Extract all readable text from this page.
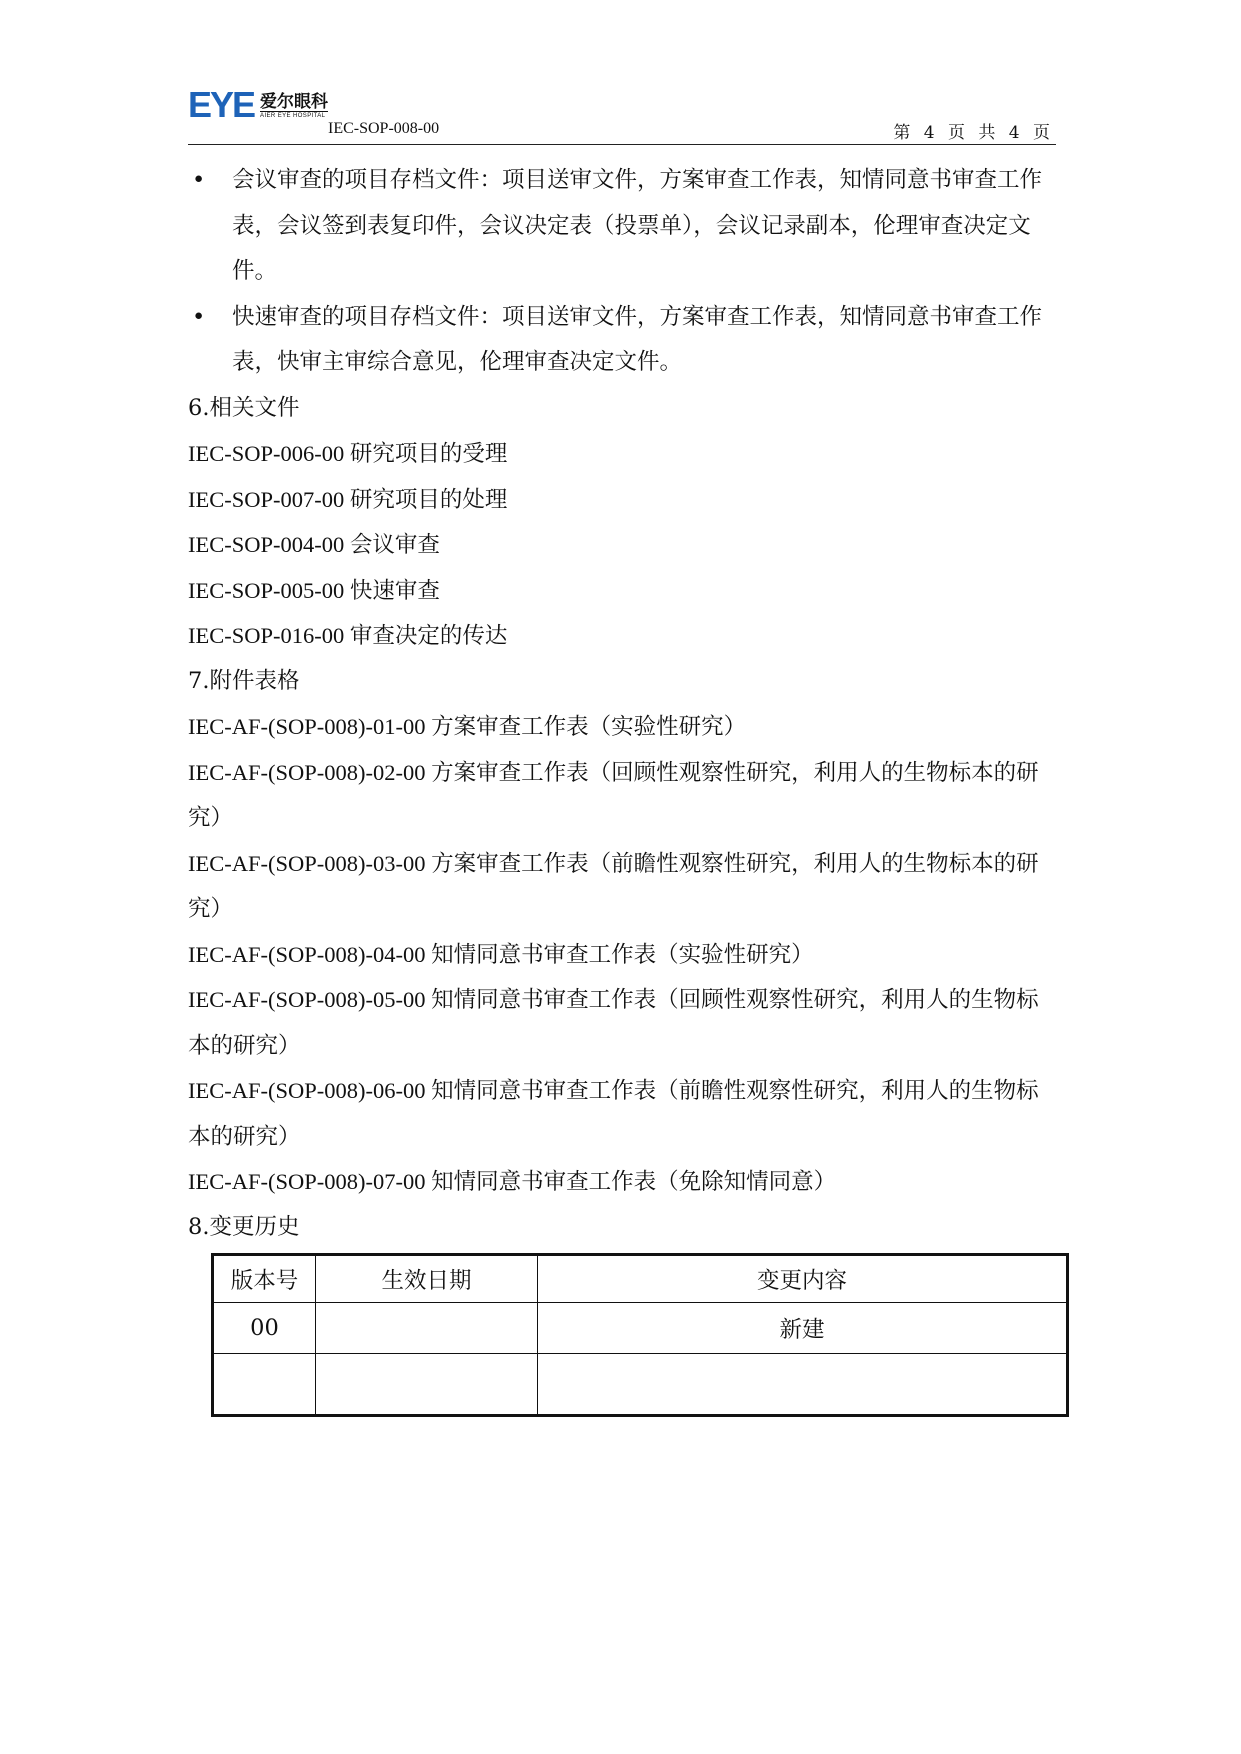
EYE 爱尔眼科
AIER EYE HOSPITAL
IEC-SOP-008-00	第 4 页 共 4 页
•	会议审查的项目存档文件：项目送审文件，方案审查工作表，知情同意书审查工作表，会议签到表复印件，会议决定表（投票单），会议记录副本，伦理审查决定文件。
•	快速审查的项目存档文件：项目送审文件，方案审查工作表，知情同意书审查工作表，快审主审综合意见，伦理审查决定文件。

6.相关文件

IEC-SOP-006-00 研究项目的受理

IEC-SOP-007-00 研究项目的处理

IEC-SOP-004-00 会议审查

IEC-SOP-005-00 快速审查

IEC-SOP-016-00 审查决定的传达

7.附件表格

IEC-AF-(SOP-008)-01-00 方案审查工作表（实验性研究）

IEC-AF-(SOP-008)-02-00 方案审查工作表（回顾性观察性研究，利用人的生物标本的研究）

IEC-AF-(SOP-008)-03-00 方案审查工作表（前瞻性观察性研究，利用人的生物标本的研究）

IEC-AF-(SOP-008)-04-00 知情同意书审查工作表（实验性研究）

IEC-AF-(SOP-008)-05-00 知情同意书审查工作表（回顾性观察性研究，利用人的生物标本的研究）

IEC-AF-(SOP-008)-06-00 知情同意书审查工作表（前瞻性观察性研究，利用人的生物标本的研究）

IEC-AF-(SOP-008)-07-00 知情同意书审查工作表（免除知情同意）

8.变更历史

版本号	生效日期	变更内容
00		新建
